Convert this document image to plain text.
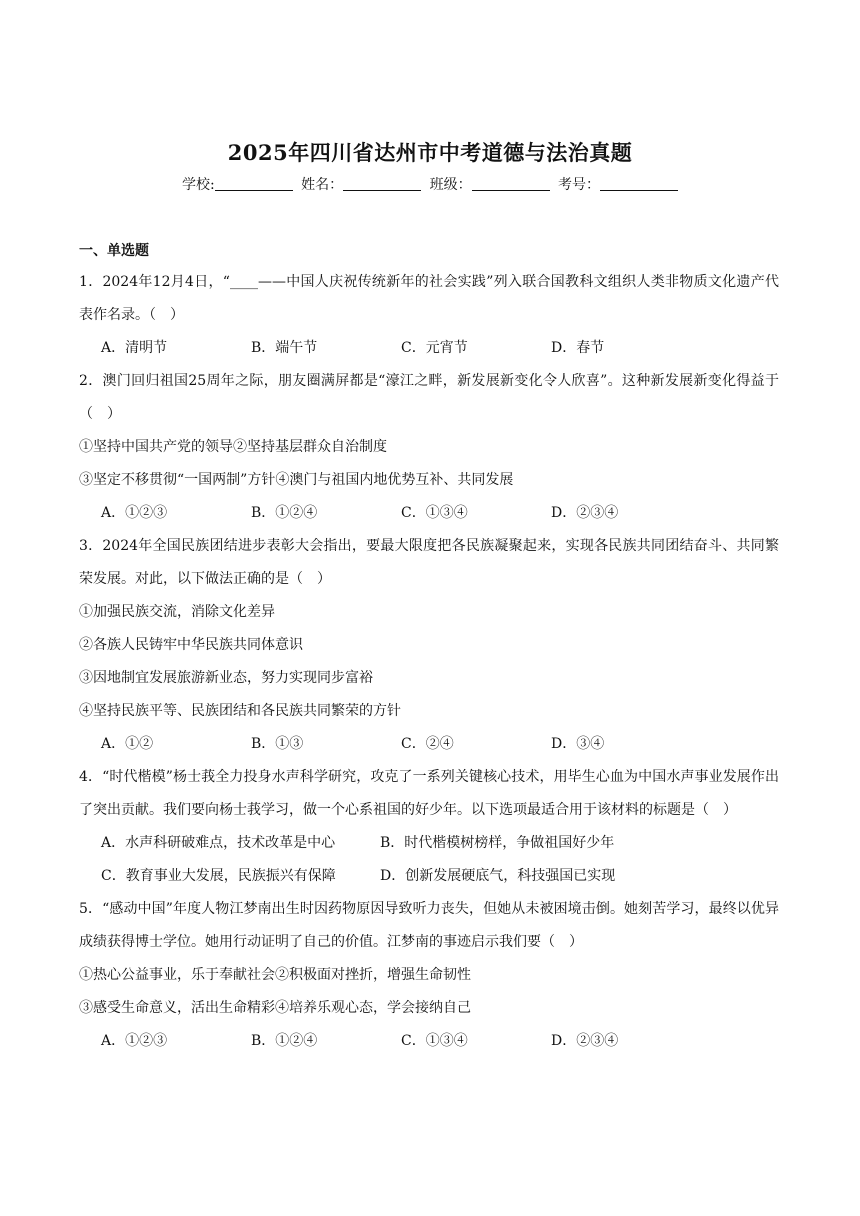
2025年四川省达州市中考道德与法治真题
学校:	姓名：	班级：	考号：
一、单选题
1．2024年12月4日，“____——中国人庆祝传统新年的社会实践”列入联合国教科文组织人类非物质文化遗产代表作名录。（　）
A．清明节	B．端午节	C．元宵节	D．春节
2．澳门回归祖国25周年之际，朋友圈满屏都是“濠江之畔，新发展新变化令人欣喜”。这种新发展新变化得益于（　）
①坚持中国共产党的领导②坚持基层群众自治制度
③坚定不移贯彻“一国两制”方针④澳门与祖国内地优势互补、共同发展
A．①②③	B．①②④	C．①③④	D．②③④
3．2024年全国民族团结进步表彰大会指出，要最大限度把各民族凝聚起来，实现各民族共同团结奋斗、共同繁荣发展。对此，以下做法正确的是（　）
①加强民族交流，消除文化差异
②各族人民铸牢中华民族共同体意识
③因地制宜发展旅游新业态，努力实现同步富裕
④坚持民族平等、民族团结和各民族共同繁荣的方针
A．①②	B．①③	C．②④	D．③④
4．“时代楷模”杨士莪全力投身水声科学研究，攻克了一系列关键核心技术，用毕生心血为中国水声事业发展作出了突出贡献。我们要向杨士莪学习，做一个心系祖国的好少年。以下选项最适合用于该材料的标题是（　）
A．水声科研破难点，技术改革是中心	B．时代楷模树榜样，争做祖国好少年
C．教育事业大发展，民族振兴有保障	D．创新发展硬底气，科技强国已实现
5．“感动中国”年度人物江梦南出生时因药物原因导致听力丧失，但她从未被困境击倒。她刻苦学习，最终以优异成绩获得博士学位。她用行动证明了自己的价值。江梦南的事迹启示我们要（　）
①热心公益事业，乐于奉献社会②积极面对挫折，增强生命韧性
③感受生命意义，活出生命精彩④培养乐观心态，学会接纳自己
A．①②③	B．①②④	C．①③④	D．②③④
